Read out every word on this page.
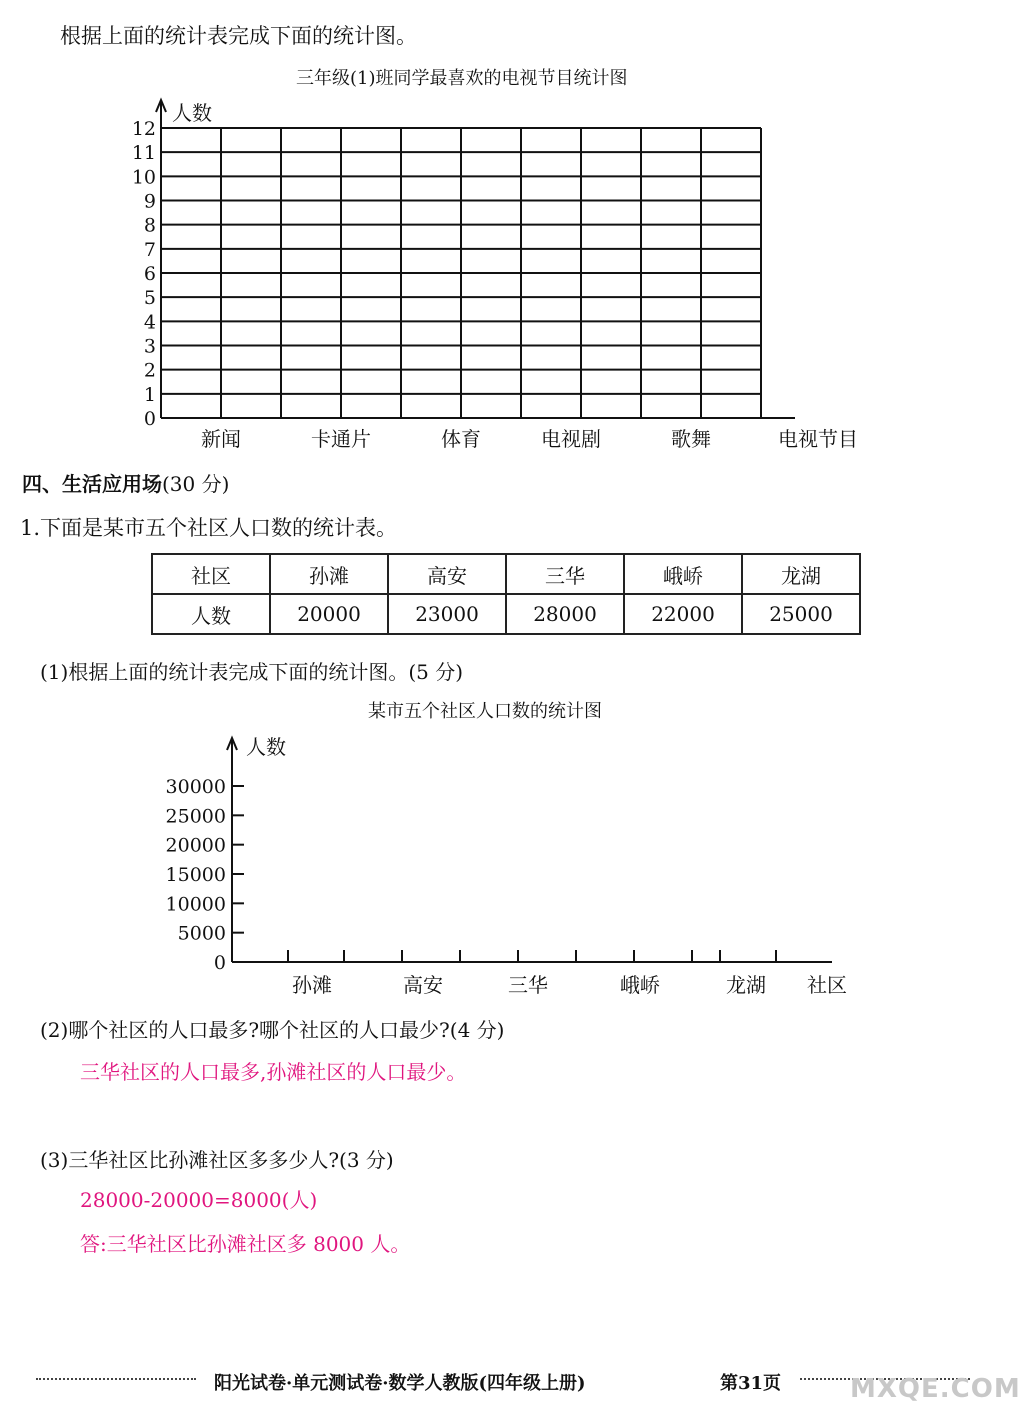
根据上面的统计表完成下面的统计图。
三年级(1)班同学最喜欢的电视节目统计图
0
1
2
3
4
5
6
7
8
9
10
11
12
人数
新闻	卡通片	体育	电视剧	歌舞	电视节目
四、生活应用场(30 分)
1.下面是某市五个社区人口数的统计表。
社区	孙滩	高安	三华	峨峤	龙湖
人数	20000	23000	28000	22000	25000
(1)根据上面的统计表完成下面的统计图。(5 分)
某市五个社区人口数的统计图
人数
0
5000
10000
15000
20000
25000
30000
孙滩	高安	三华	峨峤	龙湖 社区
(2)哪个社区的人口最多?哪个社区的人口最少?(4 分)
三华社区的人口最多,孙滩社区的人口最少。
(3)三华社区比孙滩社区多多少人?(3 分)
28000-20000=8000(人)
答:三华社区比孙滩社区多 8000 人。
阳光试卷·单元测试卷·数学人教版(四年级上册)	第31页	MXQE.COM
